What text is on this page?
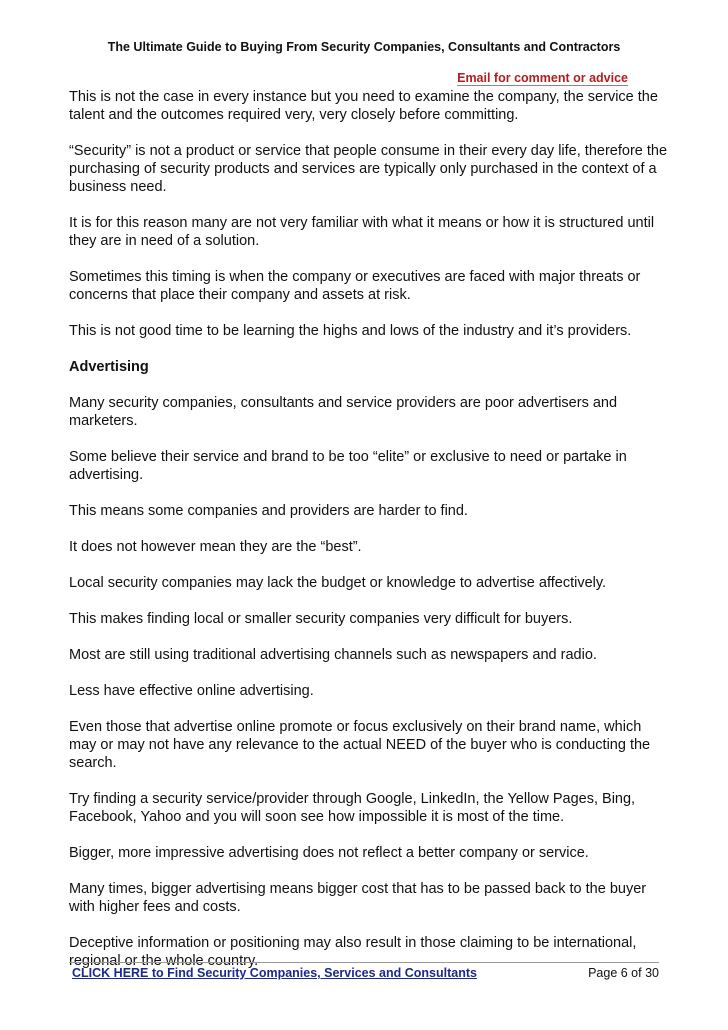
The Ultimate Guide to Buying From Security Companies, Consultants and Contractors
Email for comment or advice

This is not the case in every instance but you need to examine the company, the service the talent and the outcomes required very, very closely before committing.

“Security” is not a product or service that people consume in their every day life, therefore the purchasing of security products and services are typically only purchased in the context of a business need.

It is for this reason many are not very familiar with what it means or how it is structured until they are in need of a solution.

Sometimes this timing is when the company or executives are faced with major threats or concerns that place their company and assets at risk.

This is not good time to be learning the highs and lows of the industry and it’s providers.

Advertising

Many security companies, consultants and service providers are poor advertisers and marketers.

Some believe their service and brand to be too “elite” or exclusive to need or partake in advertising.

This means some companies and providers are harder to find.

It does not however mean they are the “best”.

Local security companies may lack the budget or knowledge to advertise affectively.

This makes finding local or smaller security companies very difficult for buyers.

Most are still using traditional advertising channels such as newspapers and radio.

Less have effective online advertising.

Even those that advertise online promote or focus exclusively on their brand name, which may or may not have any relevance to the actual NEED of the buyer who is conducting the search.

Try finding a security service/provider through Google, LinkedIn, the Yellow Pages, Bing, Facebook, Yahoo and you will soon see how impossible it is most of the time.

Bigger, more impressive advertising does not reflect a better company or service.

Many times, bigger advertising means bigger cost that has to be passed back to the buyer with higher fees and costs.

Deceptive information or positioning may also result in those claiming to be international, regional or the whole country.

CLICK HERE to Find Security Companies, Services and Consultants	Page 6 of 30
